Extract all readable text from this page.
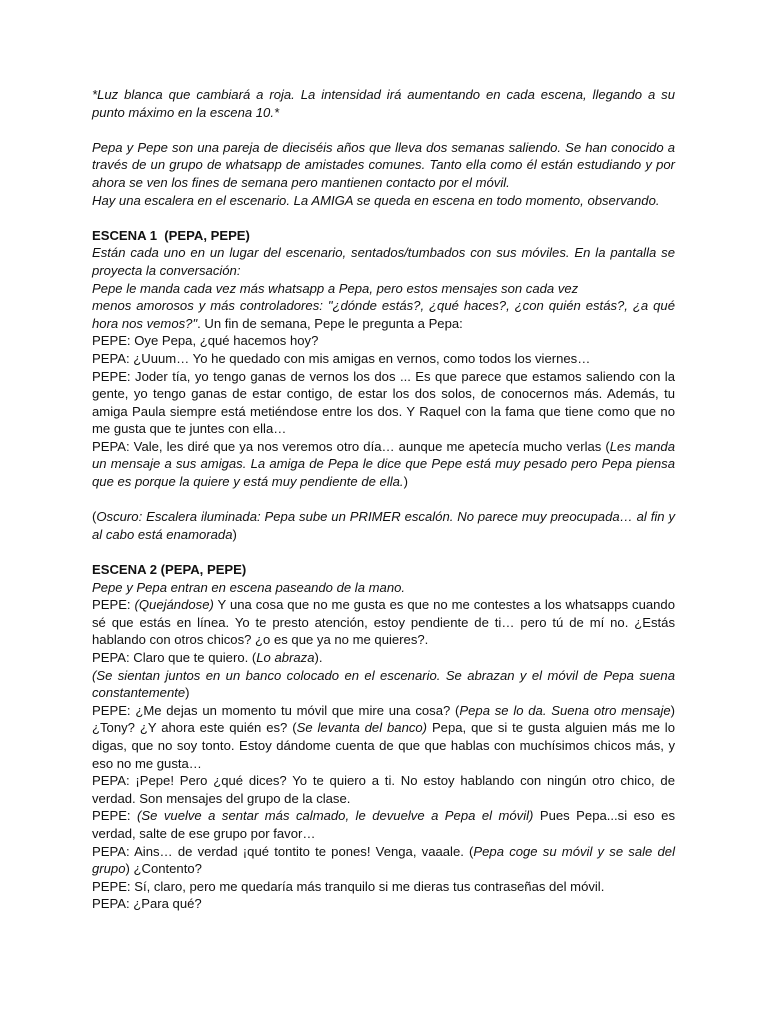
*Luz blanca que cambiará a roja. La intensidad irá aumentando en cada escena, llegando a su punto máximo en la escena 10.*

Pepa y Pepe son una pareja de dieciséis años que lleva dos semanas saliendo. Se han conocido a través de un grupo de whatsapp de amistades comunes. Tanto ella como él están estudiando y por ahora se ven los fines de semana pero mantienen contacto por el móvil.

Hay una escalera en el escenario. La AMIGA se queda en escena en todo momento, observando.

ESCENA 1  (PEPA, PEPE)

Están cada uno en un lugar del escenario, sentados/tumbados con sus móviles. En la pantalla se proyecta la conversación:

Pepe le manda cada vez más whatsapp a Pepa, pero estos mensajes son cada vez

menos amorosos y más controladores: "¿dónde estás?, ¿qué haces?, ¿con quién estás?, ¿a qué hora nos vemos?". Un fin de semana, Pepe le pregunta a Pepa:

PEPE: Oye Pepa, ¿qué hacemos hoy?

PEPA: ¿Uuum… Yo he quedado con mis amigas en vernos, como todos los viernes…

PEPE: Joder tía, yo tengo ganas de vernos los dos ... Es que parece que estamos saliendo con la gente, yo tengo ganas de estar contigo, de estar los dos solos, de conocernos más. Además, tu amiga Paula siempre está metiéndose entre los dos. Y Raquel con la fama que tiene como que no me gusta que te juntes con ella…

PEPA: Vale, les diré que ya nos veremos otro día… aunque me apetecía mucho verlas (Les manda un mensaje a sus amigas. La amiga de Pepa le dice que Pepe está muy pesado pero Pepa piensa que es porque la quiere y está muy pendiente de ella.)

(Oscuro: Escalera iluminada: Pepa sube un PRIMER escalón. No parece muy preocupada… al fin y al cabo está enamorada)

ESCENA 2 (PEPA, PEPE)

Pepe y Pepa entran en escena paseando de la mano.

PEPE: (Quejándose) Y una cosa que no me gusta es que no me contestes a los whatsapps cuando sé que estás en línea. Yo te presto atención, estoy pendiente de ti… pero tú de mí no. ¿Estás hablando con otros chicos? ¿o es que ya no me quieres?.

PEPA: Claro que te quiero. (Lo abraza).

(Se sientan juntos en un banco colocado en el escenario. Se abrazan y el móvil de Pepa suena constantemente)

PEPE: ¿Me dejas un momento tu móvil que mire una cosa? (Pepa se lo da. Suena otro mensaje) ¿Tony? ¿Y ahora este quién es? (Se levanta del banco) Pepa, que si te gusta alguien más me lo digas, que no soy tonto. Estoy dándome cuenta de que que hablas con muchísimos chicos más, y eso no me gusta…

PEPA: ¡Pepe! Pero ¿qué dices? Yo te quiero a ti. No estoy hablando con ningún otro chico, de verdad. Son mensajes del grupo de la clase.

PEPE: (Se vuelve a sentar más calmado, le devuelve a Pepa el móvil) Pues Pepa...si eso es verdad, salte de ese grupo por favor…

PEPA: Ains… de verdad ¡qué tontito te pones! Venga, vaaale. (Pepa coge su móvil y se sale del grupo) ¿Contento?

PEPE: Sí, claro, pero me quedaría más tranquilo si me dieras tus contraseñas del móvil.

PEPA: ¿Para qué?
